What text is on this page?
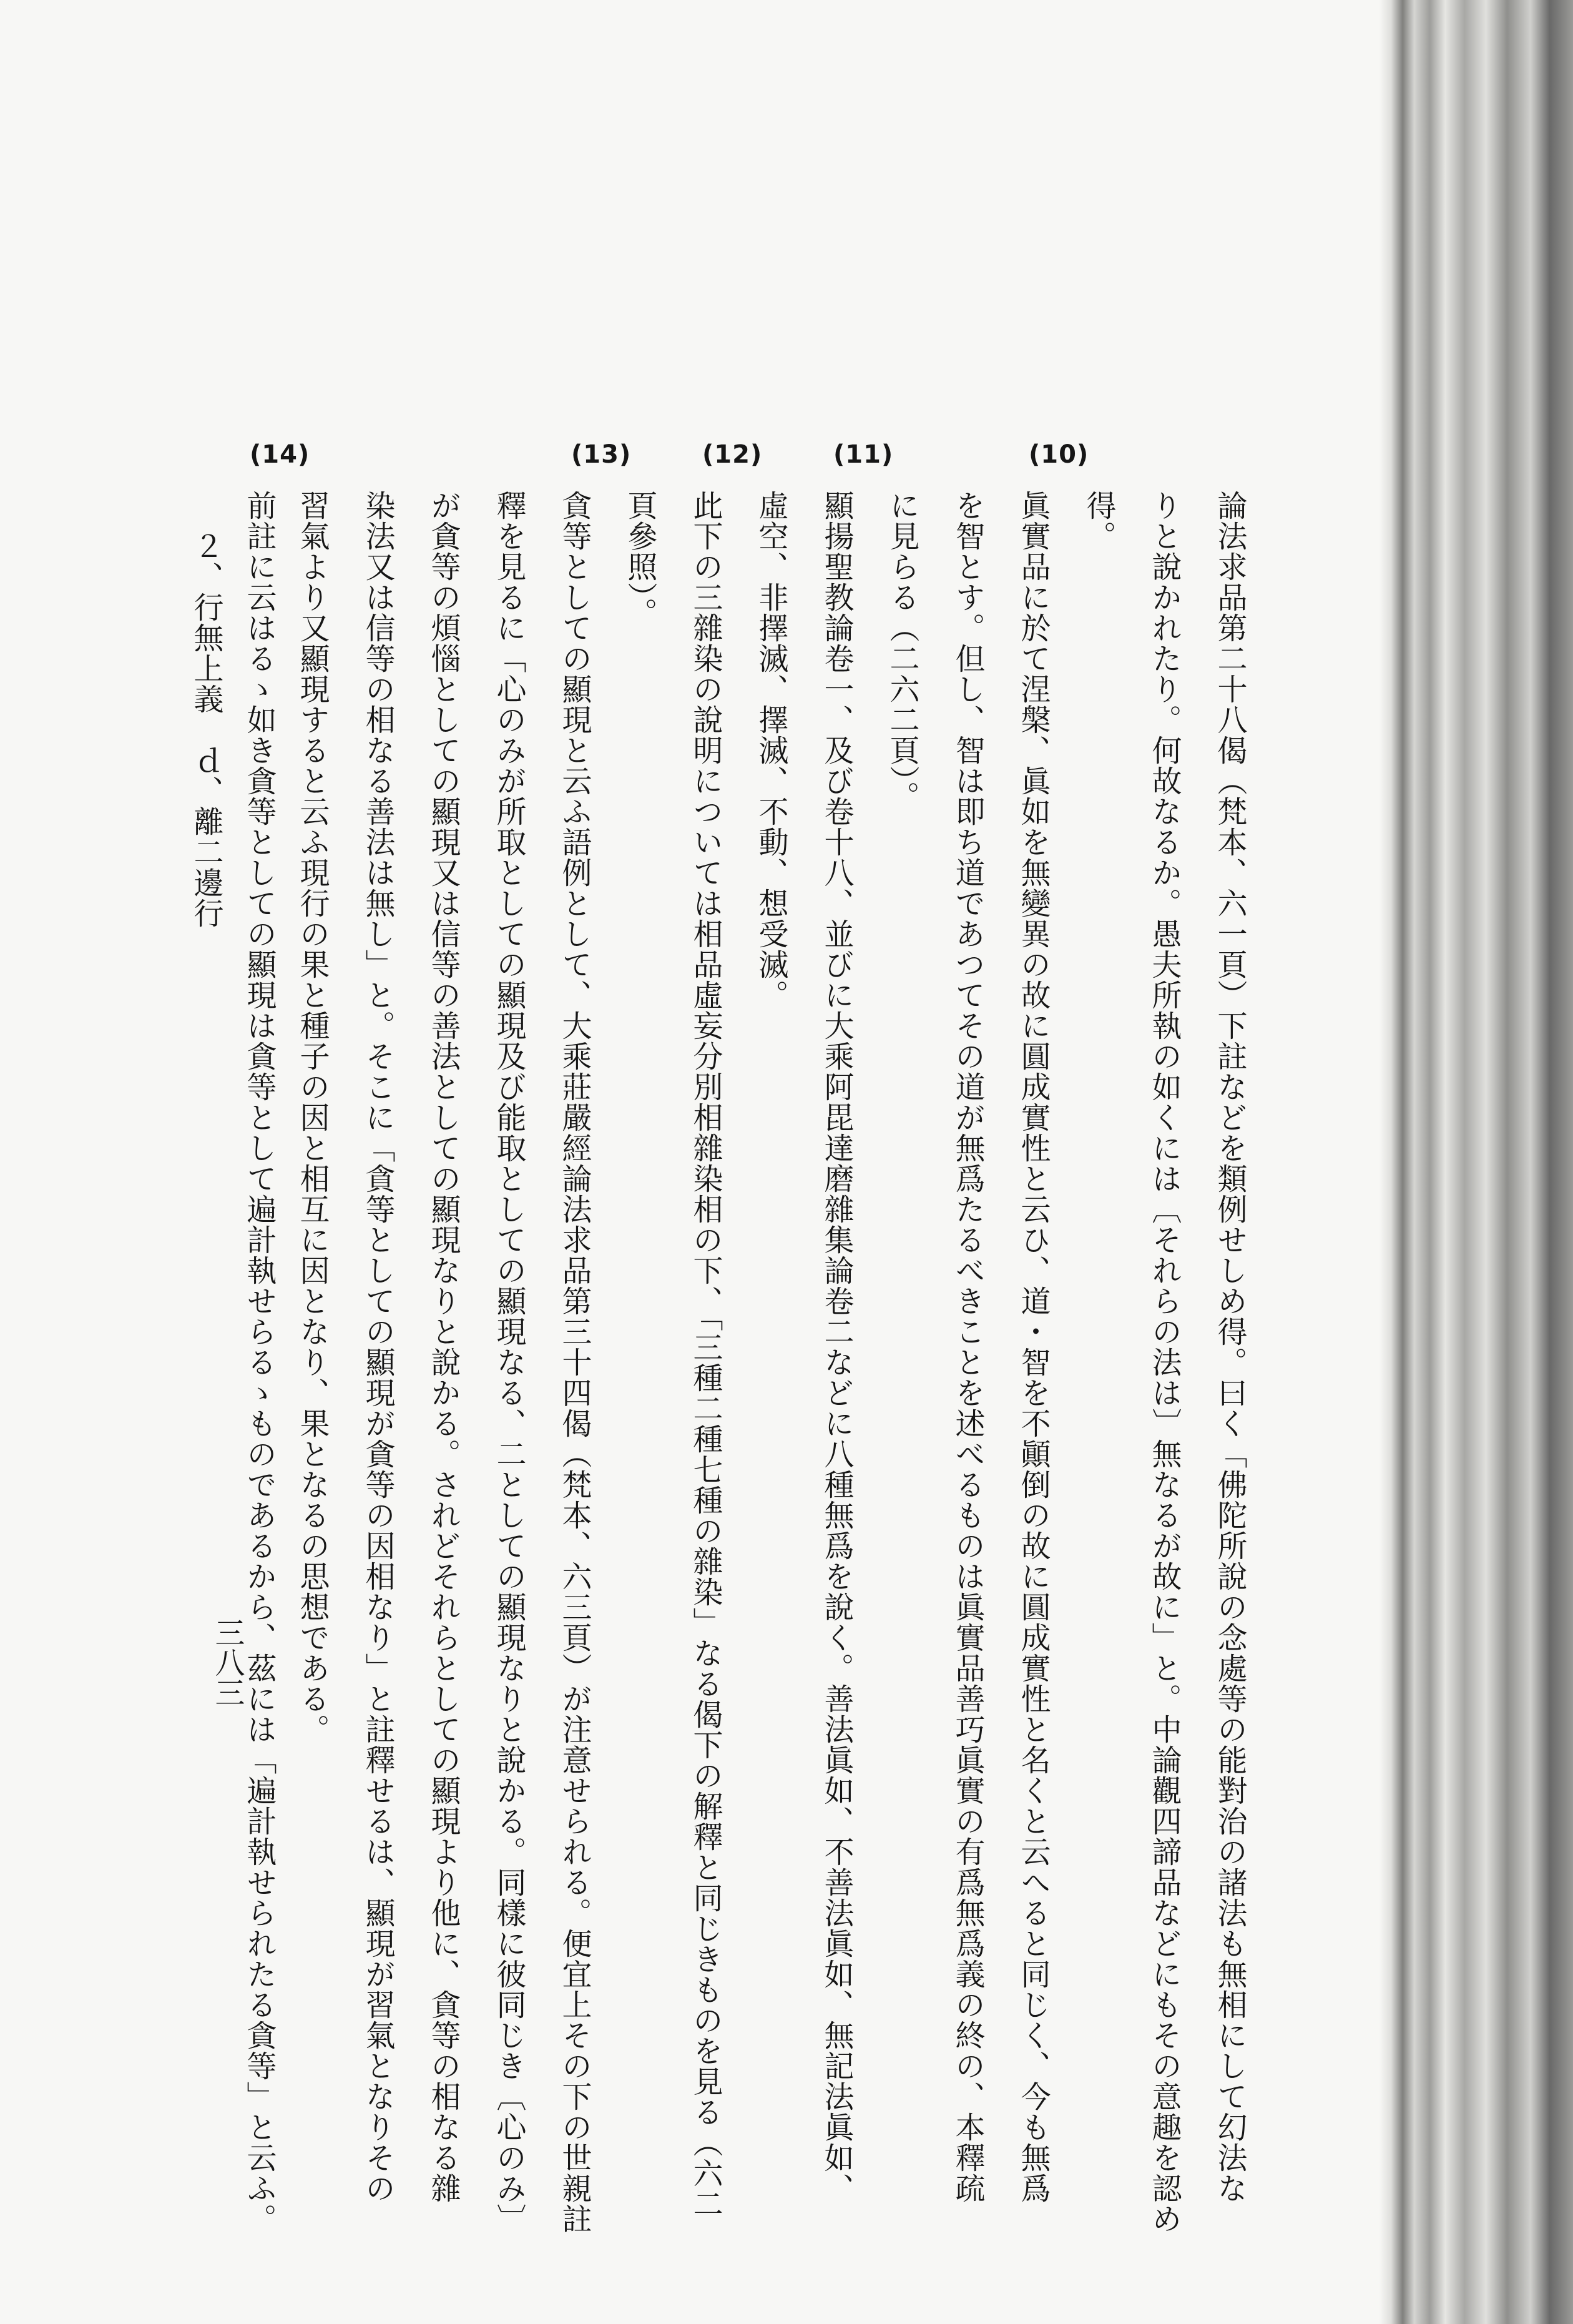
(10)
(11)
(12)
(13)
(14)
論法求品第二十八偈（梵本、六一頁）下註などを類例せしめ得。曰く「佛陀所說の念處等の能對治の諸法も無相にして幻法な
りと說かれたり。何故なるか。愚夫所執の如くには〔それらの法は〕無なるが故に」と。中論觀四諦品などにもその意趣を認め
得。
眞實品に於て涅槃、眞如を無變異の故に圓成實性と云ひ、道・智を不顚倒の故に圓成實性と名くと云へると同じく、今も無爲
を智とす。但し、智は即ち道であつてその道が無爲たるべきことを述べるものは眞實品善巧眞實の有爲無爲義の終の、本釋疏
に見らる（二六二頁）。
顯揚聖教論卷一、及び卷十八、並びに大乘阿毘達磨雜集論卷二などに八種無爲を說く。善法眞如、不善法眞如、無記法眞如、
虛空、非擇滅、擇滅、不動、想受滅。
此下の三雜染の說明については相品虛妄分別相雜染相の下、「三種二種七種の雜染」なる偈下の解釋と同じきものを見る（六二
頁參照）。
貪等としての顯現と云ふ語例として、大乘莊嚴經論法求品第三十四偈（梵本、六三頁）が注意せられる。便宜上その下の世親註
釋を見るに「心のみが所取としての顯現及び能取としての顯現なる、二としての顯現なりと說かる。同樣に彼同じき〔心のみ〕
が貪等の煩惱としての顯現又は信等の善法としての顯現なりと說かる。されどそれらとしての顯現より他に、貪等の相なる雜
染法又は信等の相なる善法は無し」と。そこに「貪等としての顯現が貪等の因相なり」と註釋せるは、顯現が習氣となりその
習氣より又顯現すると云ふ現行の果と種子の因と相互に因となり、果となるの思想である。
前註に云はるゝ如き貪等としての顯現は貪等として遍計執せらるゝものであるから、茲には「遍計執せられたる貪等」と云ふ。
２、行無上義　ｄ、離二邊行
三八三
